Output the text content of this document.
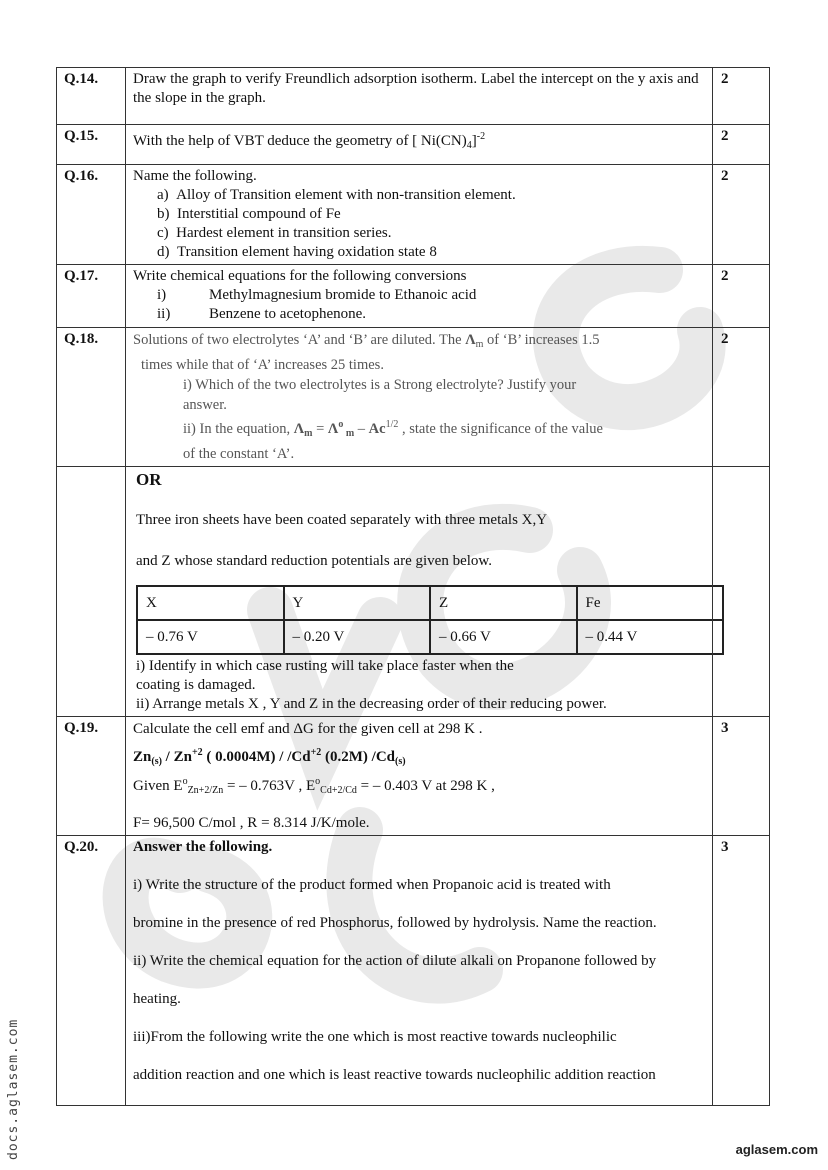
Q.14.	Draw the graph to verify Freundlich adsorption isotherm. Label the intercept on the y axis and the slope in the graph.	2
Q.15.	With the help of VBT deduce the geometry of [ $Ni(CN)_4]^{-2}$	2
Q.16.	Name the following.
a) Alloy of Transition element with non-transition element.
b) Interstitial compound of Fe
c) Hardest element in transition series.
d) Transition element having oxidation state 8
	2
Q.17.	Write chemical equations for the following conversions
i)	Methylmagnesium bromide to Ethanoic acid
ii)	Benzene to acetophenone.
	2
Q.18.	Solutions of two electrolytes ‘A’ and ‘B’ are diluted. The $\Lambda_m$ of ‘B’ increases 1.5
times while that of ‘A’ increases 25 times.
i) Which of the two electrolytes is a Strong electrolyte? Justify your
answer.
ii) In the equation, $\Lambda_m = \Lambda^o$ $_m - Ac^{1/2}$ , state the significance of the value
of the constant ‘A’.
	2

OR
Three iron sheets have been coated separately with three metals X,Y
and Z whose standard reduction potentials are given below.
X	Y	Z	Fe
– 0.76 V	– 0.20 V	– 0.66 V	– 0.44 V
i) Identify in which case rusting will take place faster when the
coating is damaged.
ii) Arrange metals X , Y and Z in the decreasing order of their reducing power.

Q.19.	Calculate the cell emf and ΔG for the given cell at 298 K .
$Zn_{(s)} / Zn^{+2}$ ( $0.0004M) / /Cd^{+2}$ (0.2M) $/Cd_{(s)}$
Given $E^o_{Zn+2/Zn}$ = – 0.763V , $E^o_{Cd+2/Cd}$ = – 0.403 V at 298 K ,
F= 96,500 C/mol , R = 8.314 J/K/mole.
	3
Q.20.	Answer the following.
i) Write the structure of the product formed when Propanoic acid is treated with
bromine in the presence of red Phosphorus, followed by hydrolysis. Name the reaction.
ii) Write the chemical equation for the action of dilute alkali on Propanone followed by
heating.
iii)From the following write the one which is most reactive towards nucleophilic
addition reaction and one which is least reactive towards nucleophilic addition reaction
	3
docs.aglasem.com	aglasem.com
